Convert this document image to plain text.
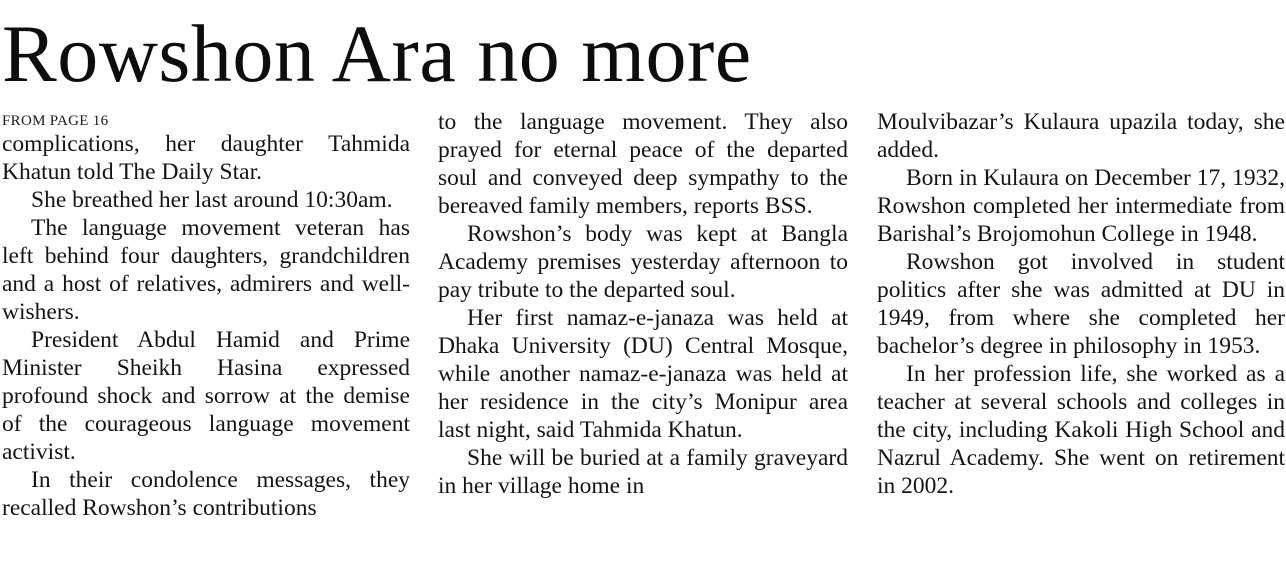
Rowshon Ara no more
FROM PAGE 16

complications, her daughter Tahmida Khatun told The Daily Star.

She breathed her last around 10:30am.

The language movement veteran has left behind four daughters, grandchildren and a host of relatives, admirers and well-wishers.

President Abdul Hamid and Prime Minister Sheikh Hasina expressed profound shock and sorrow at the demise of the courageous language movement activist.

In their condolence messages, they recalled Rowshon’s contributions

to the language movement. They also prayed for eternal peace of the departed soul and conveyed deep sympathy to the bereaved family members, reports BSS.

Rowshon’s body was kept at Bangla Academy premises yesterday afternoon to pay tribute to the departed soul.

Her first namaz-e-janaza was held at Dhaka University (DU) Central Mosque, while another namaz-e-janaza was held at her residence in the city’s Monipur area last night, said Tahmida Khatun.

She will be buried at a family graveyard in her village home in

Moulvibazar’s Kulaura upazila today, she added.

Born in Kulaura on December 17, 1932, Rowshon completed her intermediate from Barishal’s Brojomohun College in 1948.

Rowshon got involved in student politics after she was admitted at DU in 1949, from where she completed her bachelor’s degree in philosophy in 1953.

In her profession life, she worked as a teacher at several schools and colleges in the city, including Kakoli High School and Nazrul Academy. She went on retirement in 2002.
